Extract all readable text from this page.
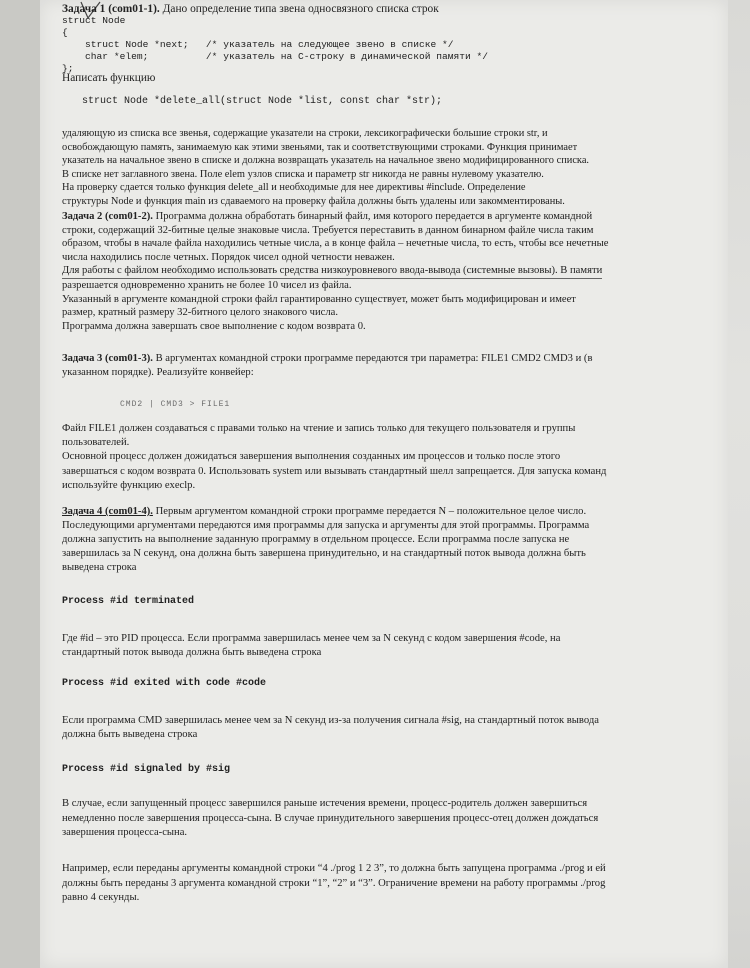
Задача 1 (com01-1). Дано определение типа звена односвязного списка строк
struct Node
{
struct Node *next;   /* указатель на следующее звено в списке */
char *elem;          /* указатель на C-строку в динамической памяти */
};

Написать функцию

struct Node *delete_all(struct Node *list, const char *str);

удаляющую из списка все звенья, содержащие указатели на строки, лексикографически большие строки str, и

освобождающую память, занимаемую как этими звеньями, так и соответствующими строками. Функция принимает

указатель на начальное звено в списке и должна возвращать указатель на начальное звено модифицированного списка.

В списке нет заглавного звена. Поле elem узлов списка и параметр str никогда не равны нулевому указателю.

На проверку сдается только функция delete_all и необходимые для нее директивы #include. Определение

структуры Node и функция main из сдаваемого на проверку файла должны быть удалены или закомментированы.

Задача 2 (com01-2). Программа должна обработать бинарный файл, имя которого передается в аргументе командной

строки, содержащий 32-битные целые знаковые числа. Требуется переставить в данном бинарном файле числа таким

образом, чтобы в начале файла находились четные числа, а в конце файла – нечетные числа, то есть, чтобы все нечетные

числа находились после четных. Порядок чисел одной четности неважен.

Для работы с файлом необходимо использовать средства низкоуровневого ввода-вывода (системные вызовы). В памяти

разрешается одновременно хранить не более 10 чисел из файла.

Указанный в аргументе командной строки файл гарантированно существует, может быть модифицирован и имеет

размер, кратный размеру 32-битного целого знакового числа.

Программа должна завершать свое выполнение с кодом возврата 0.

Задача 3 (com01-3). В аргументах командной строки программе передаются три параметра: FILE1 CMD2 CMD3 и (в

указанном порядке). Реализуйте конвейер:

CMD2 | CMD3 > FILE1

Файл FILE1 должен создаваться с правами только на чтение и запись только для текущего пользователя и группы

пользователей.

Основной процесс должен дожидаться завершения выполнения созданных им процессов и только после этого

завершаться с кодом возврата 0. Использовать system или вызывать стандартный шелл запрещается. Для запуска команд

используйте функцию execlp.

Задача 4 (com01-4). Первым аргументом командной строки программе передается N – положительное целое число.

Последующими аргументами передаются имя программы для запуска и аргументы для этой программы. Программа

должна запустить на выполнение заданную программу в отдельном процессе. Если программа после запуска не

завершилась за N секунд, она должна быть завершена принудительно, и на стандартный поток вывода должна быть

выведена строка

Process #id terminated

Где #id – это PID процесса. Если программа завершилась менее чем за N секунд с кодом завершения #code, на

стандартный поток вывода должна быть выведена строка

Process #id exited with code #code

Если программа CMD завершилась менее чем за N секунд из-за получения сигнала #sig, на стандартный поток вывода

должна быть выведена строка

Process #id signaled by #sig

В случае, если запущенный процесс завершился раньше истечения времени, процесс-родитель должен завершиться

немедленно после завершения процесса-сына. В случае принудительного завершения процесс-отец должен дождаться

завершения процесса-сына.

Например, если переданы аргументы командной строки “4 ./prog 1 2 3”, то должна быть запущена программа ./prog и ей

должны быть переданы 3 аргумента командной строки “1”, “2” и “3”. Ограничение времени на работу программы ./prog

равно 4 секунды.
